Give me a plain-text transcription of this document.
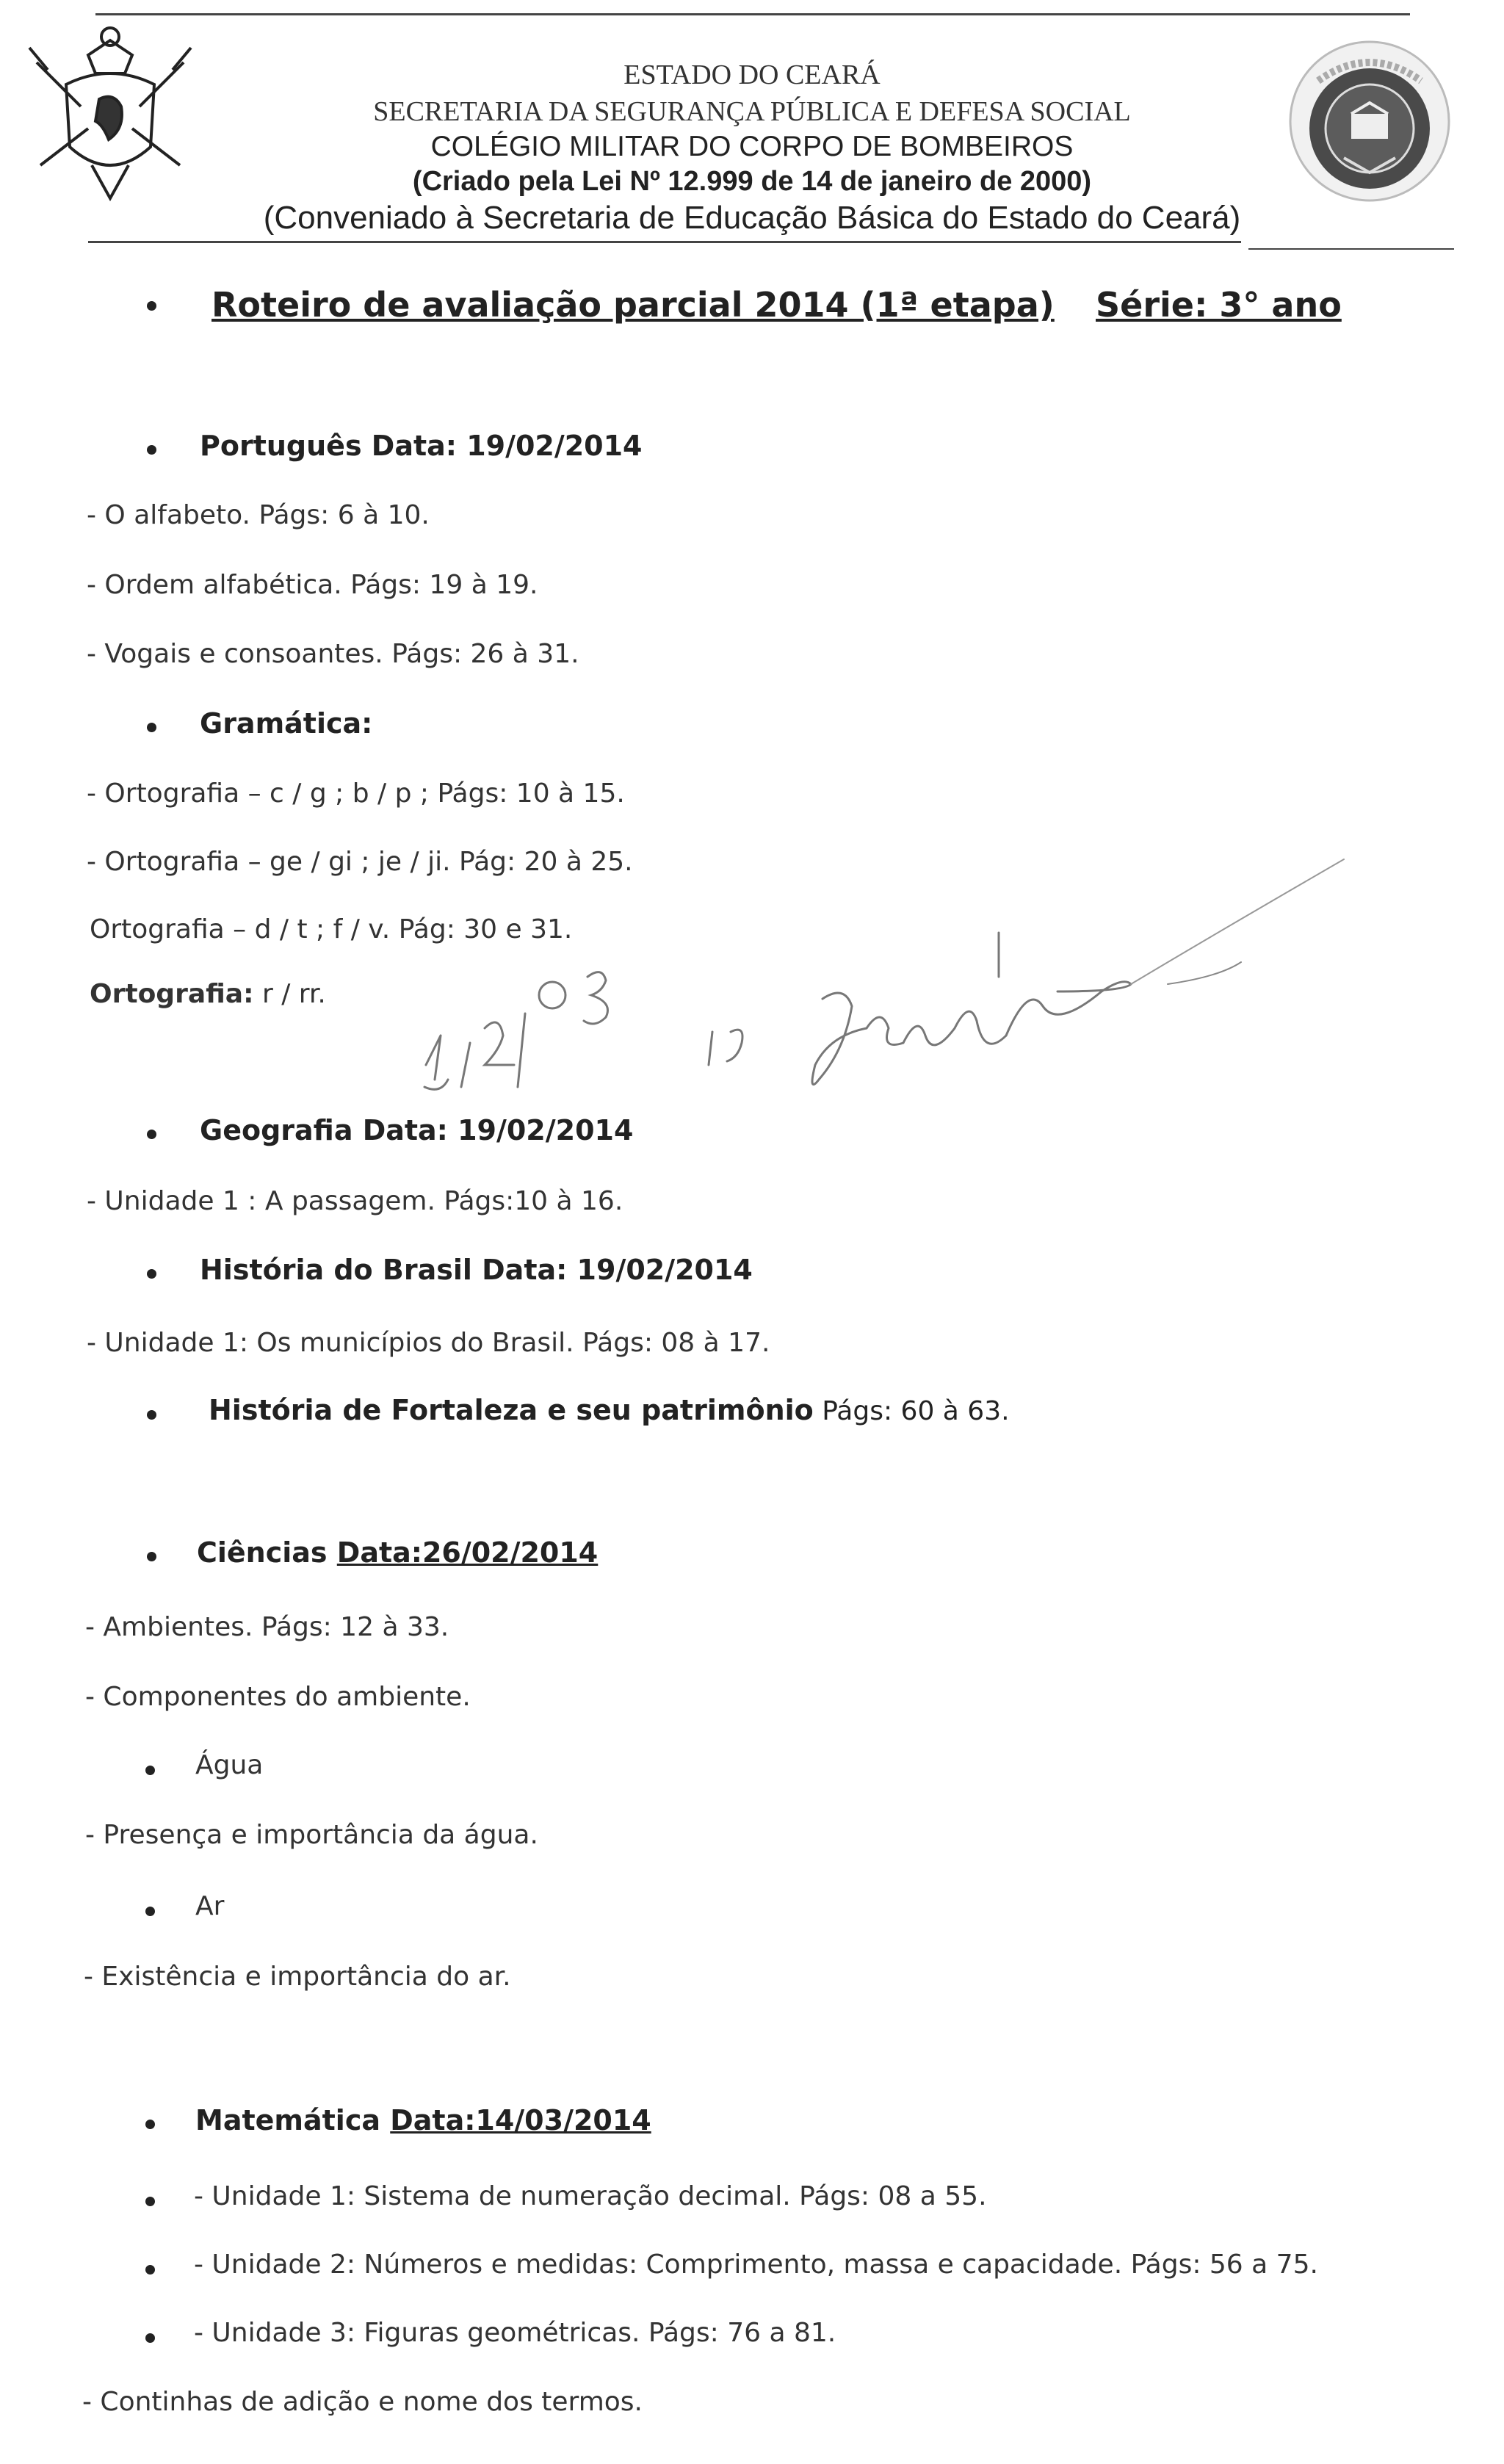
ESTADO DO CEARÁ
SECRETARIA DA SEGURANÇA PÚBLICA E DEFESA SOCIAL
COLÉGIO MILITAR DO CORPO DE BOMBEIROS
(Criado pela Lei Nº 12.999 de 14 de janeiro de 2000)
(Conveniado à Secretaria de Educação Básica do Estado do Ceará)
Roteiro de avaliação parcial 2014 (1ª etapa) Série: 3° ano
Português Data: 19/02/2014
- O alfabeto. Págs: 6 à 10.
- Ordem alfabética. Págs: 19 à 19.
- Vogais e consoantes. Págs: 26 à 31.
Gramática:
- Ortografia – c / g ; b / p ; Págs: 10 à 15.
- Ortografia – ge / gi ; je / ji. Pág: 20 à 25.
Ortografia – d / t ; f / v. Pág: 30 e 31.
Ortografia: r / rr.
Geografia Data: 19/02/2014
- Unidade 1 : A passagem. Págs:10 à 16.
História do Brasil Data: 19/02/2014
- Unidade 1: Os municípios do Brasil. Págs: 08 à 17.
História de Fortaleza e seu patrimônio Págs: 60 à 63.
Ciências Data:26/02/2014
- Ambientes. Págs: 12 à 33.
- Componentes do ambiente.
Água
- Presença e importância da água.
Ar
- Existência e importância do ar.
Matemática Data:14/03/2014
- Unidade 1: Sistema de numeração decimal. Págs: 08 a 55.
- Unidade 2: Números e medidas: Comprimento, massa e capacidade. Págs: 56 a 75.
- Unidade 3: Figuras geométricas. Págs: 76 a 81.
- Continhas de adição e nome dos termos.
